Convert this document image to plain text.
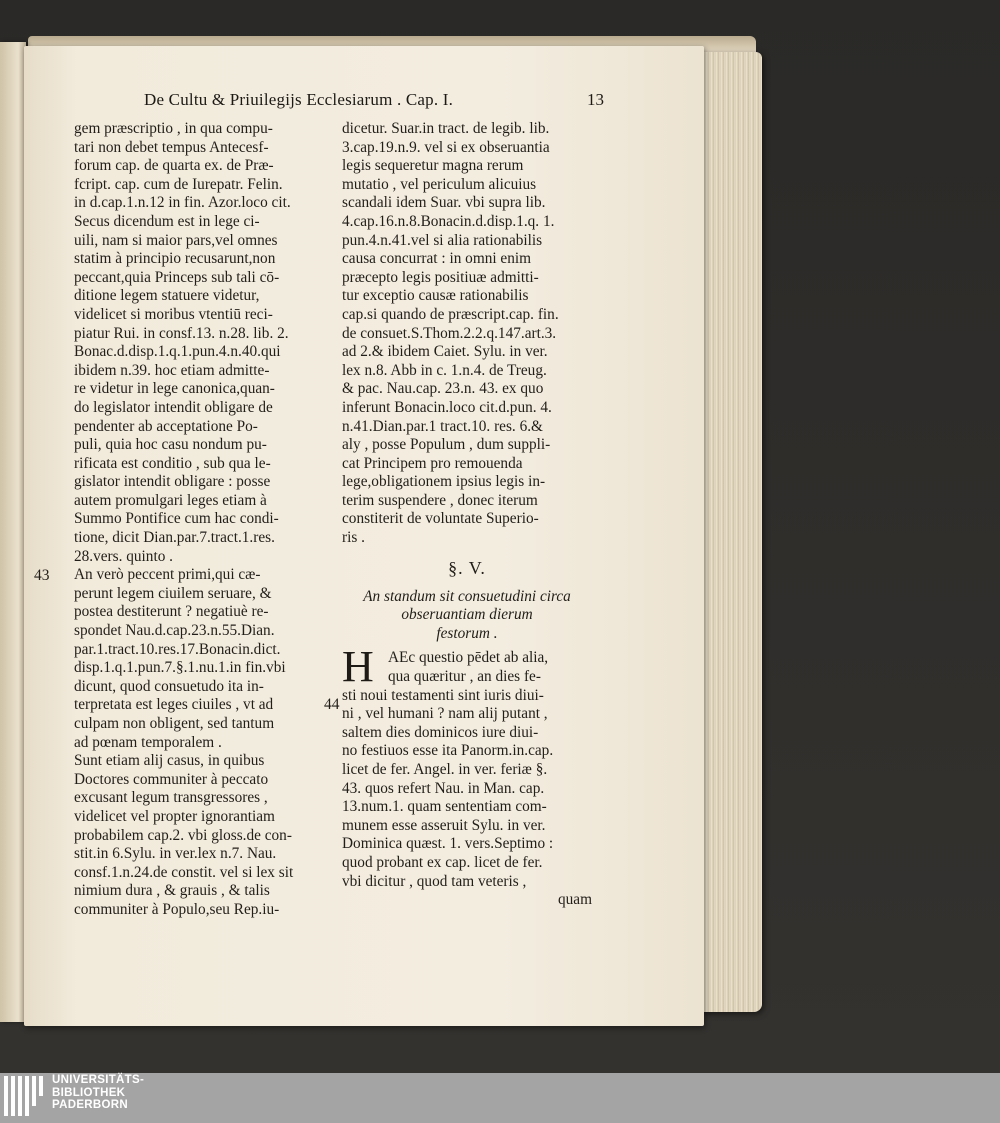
De Cultu & Priuilegijs Ecclesiarum . Cap. I.	13
gem præscriptio , in qua compu-
tari non debet tempus Antecesf-
forum cap. de quarta ex. de Præ-
fcript. cap. cum de Iurepatr. Felin.
in d.cap.1.n.12 in fin. Azor.loco cit.
Secus dicendum est in lege ci-
uili, nam si maior pars,vel omnes
statim à principio recusarunt,non
peccant,quia Princeps sub tali cō-
ditione legem statuere videtur,
videlicet si moribus vtentiū reci-
piatur Rui. in consf.13. n.28. lib. 2.
Bonac.d.disp.1.q.1.pun.4.n.40.qui
ibidem n.39. hoc etiam admitte-
re videtur in lege canonica,quan-
do legislator intendit obligare de
pendenter ab acceptatione Po-
puli, quia hoc casu nondum pu-
rificata est conditio , sub qua le-
gislator intendit obligare : posse
autem promulgari leges etiam à
Summo Pontifice cum hac condi-
tione, dicit Dian.par.7.tract.1.res.
28.vers. quinto .
An verò peccent primi,qui cæ-
perunt legem ciuilem seruare, &
postea destiterunt ? negatiuè re-
spondet Nau.d.cap.23.n.55.Dian.
par.1.tract.10.res.17.Bonacin.dict.
disp.1.q.1.pun.7.§.1.nu.1.in fin.vbi
dicunt, quod consuetudo ita in-
terpretata est leges ciuiles , vt ad
culpam non obligent, sed tantum
ad pœnam temporalem .
Sunt etiam alij casus, in quibus
Doctores communiter à peccato
excusant legum transgressores ,
videlicet vel propter ignorantiam
probabilem cap.2. vbi gloss.de con-
stit.in 6.Sylu. in ver.lex n.7. Nau.
consf.1.n.24.de constit. vel si lex sit
nimium dura , & grauis , & talis
communiter à Populo,seu Rep.iu-
43
dicetur. Suar.in tract. de legib. lib.
3.cap.19.n.9. vel si ex obseruantia
legis sequeretur magna rerum
mutatio , vel periculum alicuius
scandali idem Suar. vbi supra lib.
4.cap.16.n.8.Bonacin.d.disp.1.q. 1.
pun.4.n.41.vel si alia rationabilis
causa concurrat : in omni enim
præcepto legis positiuæ admitti-
tur exceptio causæ rationabilis
cap.si quando de præscript.cap. fin.
de consuet.S.Thom.2.2.q.147.art.3.
ad 2.& ibidem Caiet. Sylu. in ver.
lex n.8. Abb in c. 1.n.4. de Treug.
& pac. Nau.cap. 23.n. 43. ex quo
inferunt Bonacin.loco cit.d.pun. 4.
n.41.Dian.par.1 tract.10. res. 6.&
aly , posse Populum , dum suppli-
cat Principem pro remouenda
lege,obligationem ipsius legis in-
terim suspendere , donec iterum
constiterit de voluntate Superio-
ris .
§. V.
An standum sit consuetudini circa
obseruantiam dierum
festorum .
H AEc questio pēdet ab alia,
qua quæritur , an dies fe-
sti noui testamenti sint iuris diui-
ni , vel humani ? nam alij putant ,
saltem dies dominicos iure diui-
no festiuos esse ita Panorm.in.cap.
licet de fer. Angel. in ver. feriæ §.
43. quos refert Nau. in Man. cap.
13.num.1. quam sententiam com-
munem esse asseruit Sylu. in ver.
Dominica quæst. 1. vers.Septimo :
quod probant ex cap. licet de fer.
vbi dicitur , quod tam veteris ,
quam
44
UNIVERSITÄTS-
BIBLIOTHEK
PADERBORN
